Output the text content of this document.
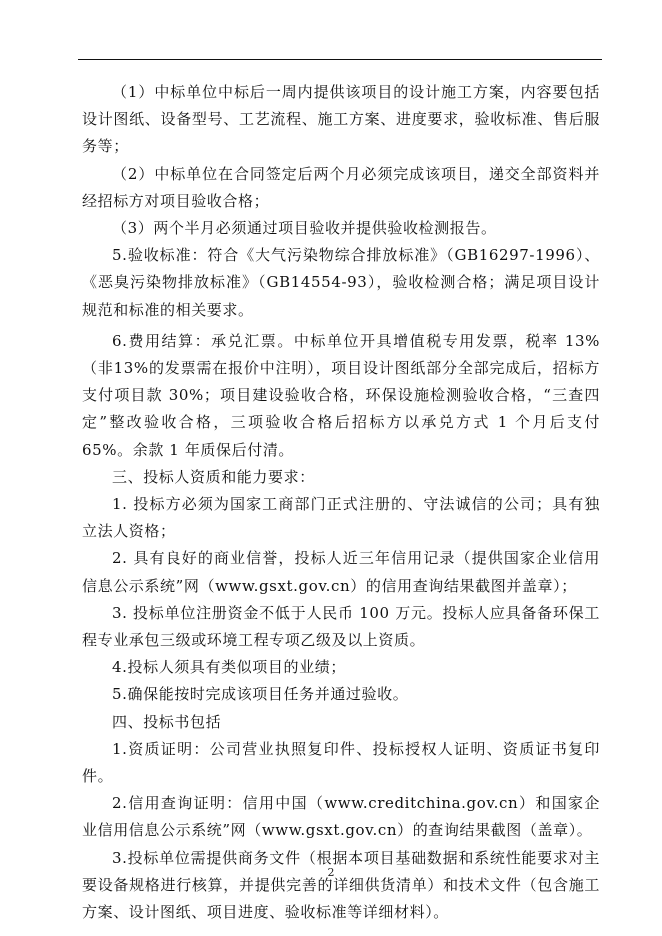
（1）中标单位中标后一周内提供该项目的设计施工方案，内容要包括设计图纸、设备型号、工艺流程、施工方案、进度要求，验收标准、售后服务等；

（2）中标单位在合同签定后两个月必须完成该项目，递交全部资料并经招标方对项目验收合格；

（3）两个半月必须通过项目验收并提供验收检测报告。

5.验收标准：符合《大气污染物综合排放标准》（GB16297-1996）、《恶臭污染物排放标准》（GB14554-93），验收检测合格；满足项目设计规范和标准的相关要求。

6.费用结算：承兑汇票。中标单位开具增值税专用发票，税率 13%（非13%的发票需在报价中注明），项目设计图纸部分全部完成后，招标方支付项目款 30%；项目建设验收合格，环保设施检测验收合格，“三查四定”整改验收合格，三项验收合格后招标方以承兑方式 1 个月后支付 65%。余款 1 年质保后付清。

三、投标人资质和能力要求：

1. 投标方必须为国家工商部门正式注册的、守法诚信的公司；具有独立法人资格；

2. 具有良好的商业信誉，投标人近三年信用记录（提供国家企业信用信息公示系统”网（www.gsxt.gov.cn）的信用查询结果截图并盖章）；

3. 投标单位注册资金不低于人民币 100 万元。投标人应具备备环保工程专业承包三级或环境工程专项乙级及以上资质。

4.投标人须具有类似项目的业绩；

5.确保能按时完成该项目任务并通过验收。

四、投标书包括

1.资质证明：公司营业执照复印件、投标授权人证明、资质证书复印件。

2.信用查询证明：信用中国（www.creditchina.gov.cn）和国家企业信用信息公示系统”网（www.gsxt.gov.cn）的查询结果截图（盖章）。

3.投标单位需提供商务文件（根据本项目基础数据和系统性能要求对主要设备规格进行核算，并提供完善的详细供货清单）和技术文件（包含施工方案、设计图纸、项目进度、验收标准等详细材料）。

2
